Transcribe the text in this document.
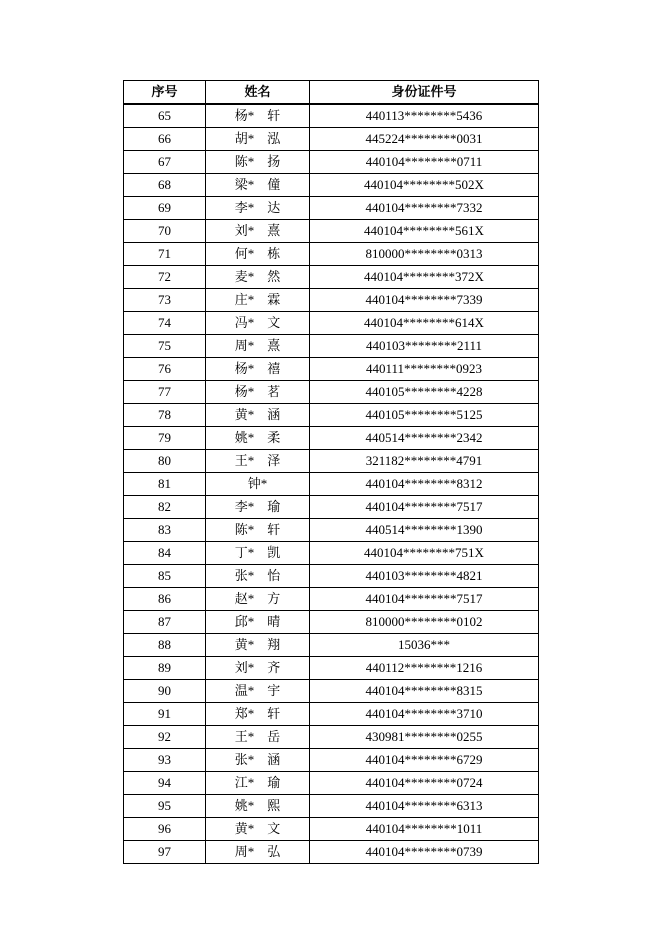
序号	姓名	身份证件号
65	杨*　轩	440113********5436
66	胡*　泓	445224********0031
67	陈*　扬	440104********0711
68	梁*　僮	440104********502X
69	李*　达	440104********7332
70	刘*　熹	440104********561X
71	何*　栋	810000********0313
72	麦*　然	440104********372X
73	庄*　霖	440104********7339
74	冯*　文	440104********614X
75	周*　熹	440103********2111
76	杨*　禧	440111********0923
77	杨*　茗	440105********4228
78	黄*　涵	440105********5125
79	姚*　柔	440514********2342
80	王*　泽	321182********4791
81	钟*	440104********8312
82	李*　瑜	440104********7517
83	陈*　轩	440514********1390
84	丁*　凯	440104********751X
85	张*　怡	440103********4821
86	赵*　方	440104********7517
87	邱*　晴	810000********0102
88	黄*　翔	15036***
89	刘*　齐	440112********1216
90	温*　宇	440104********8315
91	郑*　轩	440104********3710
92	王*　岳	430981********0255
93	张*　涵	440104********6729
94	江*　瑜	440104********0724
95	姚*　熙	440104********6313
96	黄*　文	440104********1011
97	周*　弘	440104********0739
